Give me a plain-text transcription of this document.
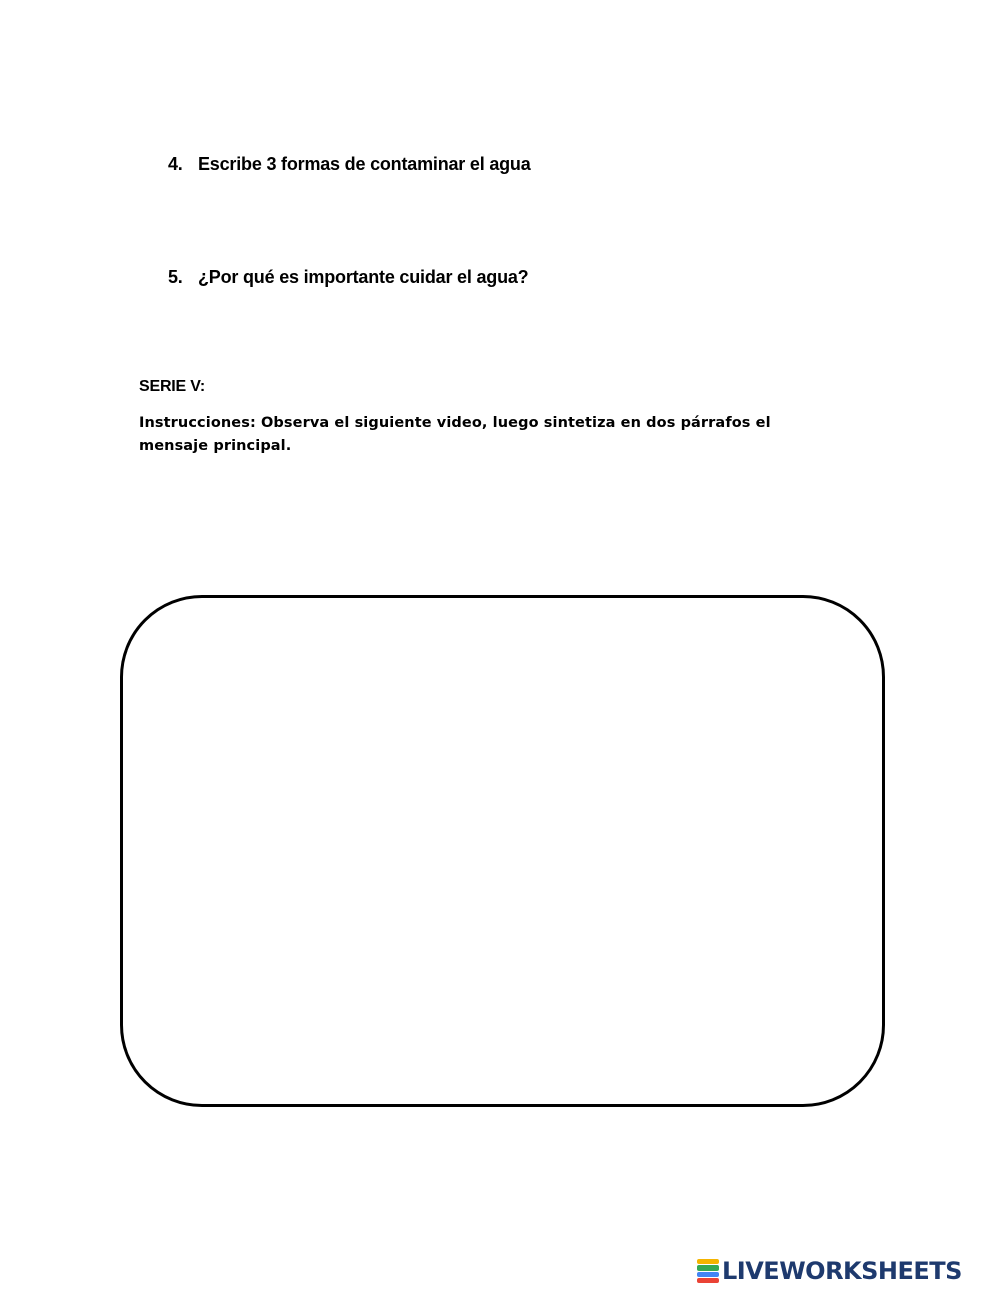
4. Escribe 3 formas de contaminar el agua
5. ¿Por qué es importante cuidar el agua?
SERIE V:
Instrucciones: Observa el siguiente video, luego sintetiza en dos párrafos el mensaje principal.
LIVEWORKSHEETS
